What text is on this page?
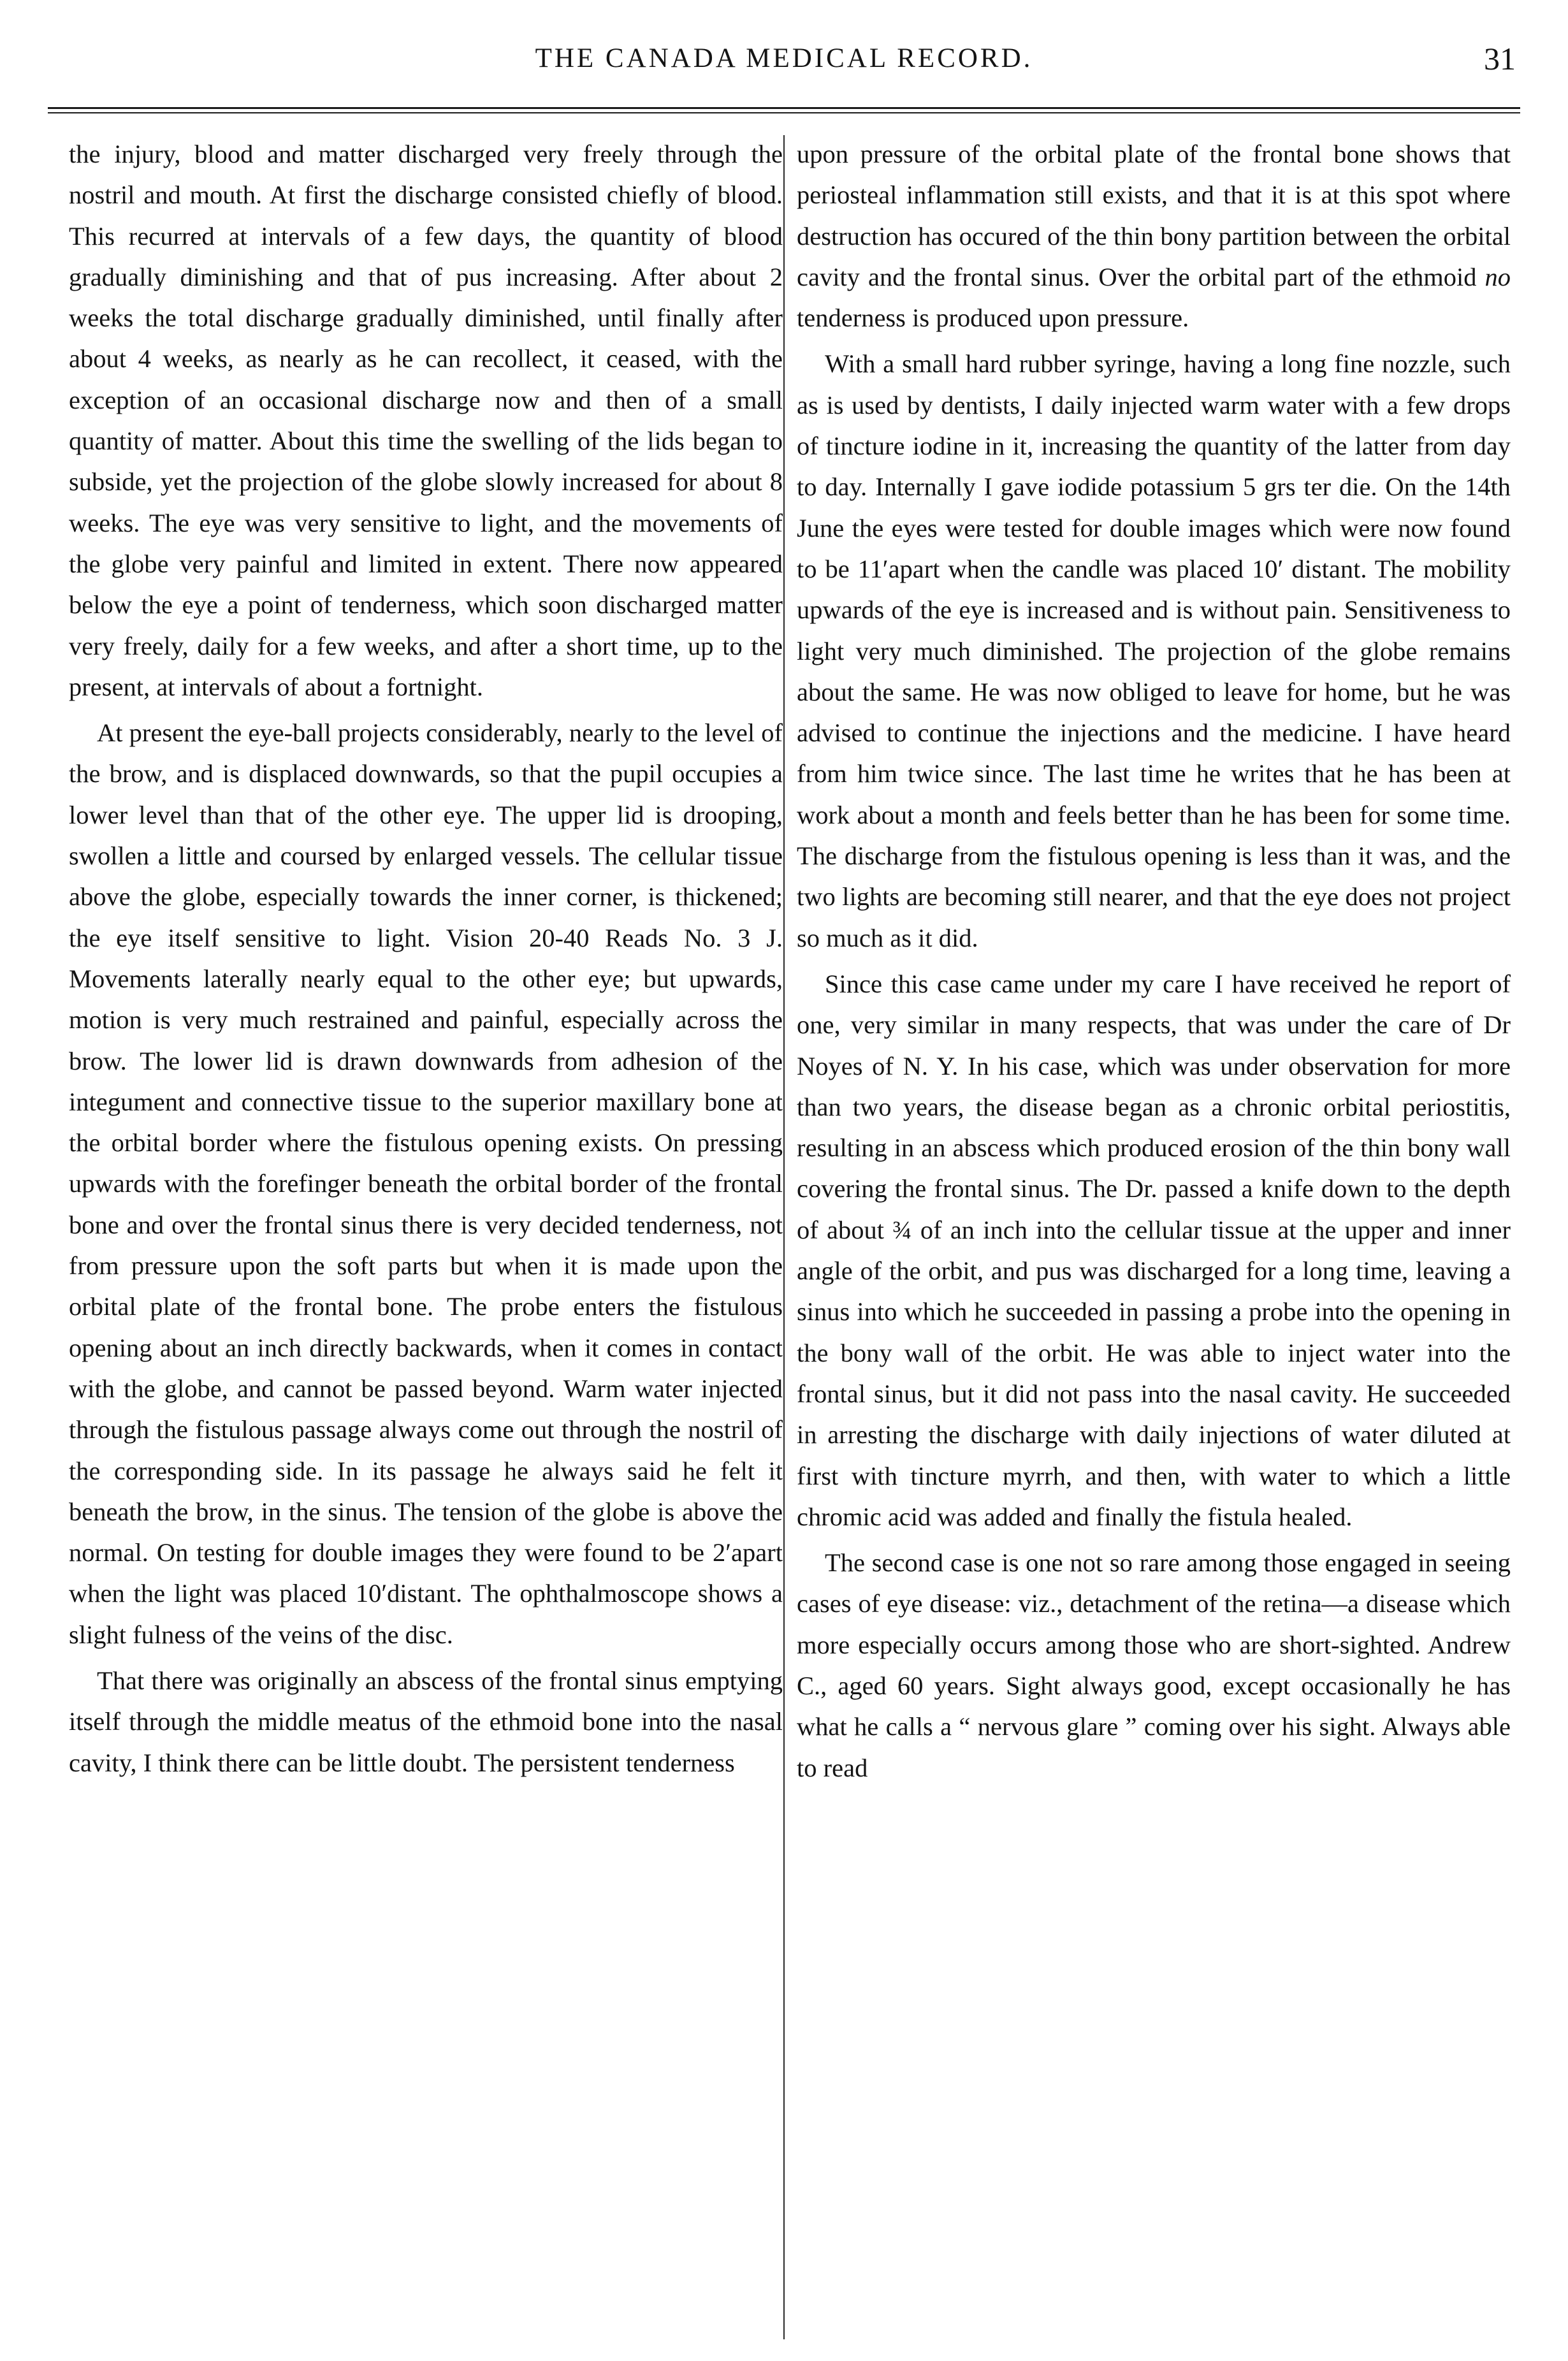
THE CANADA MEDICAL RECORD.	31

the injury, blood and matter discharged very freely through the nostril and mouth. At first the discharge consisted chiefly of blood. This recurred at intervals of a few days, the quantity of blood gradually diminishing and that of pus increasing. After about 2 weeks the total discharge gradually diminished, until finally after about 4 weeks, as nearly as he can recollect, it ceased, with the exception of an occasional discharge now and then of a small quantity of matter. About this time the swelling of the lids began to subside, yet the projection of the globe slowly increased for about 8 weeks. The eye was very sensitive to light, and the movements of the globe very painful and limited in extent. There now appeared below the eye a point of tenderness, which soon discharged matter very freely, daily for a few weeks, and after a short time, up to the present, at intervals of about a fortnight.

At present the eye-ball projects considerably, nearly to the level of the brow, and is displaced downwards, so that the pupil occupies a lower level than that of the other eye. The upper lid is drooping, swollen a little and coursed by enlarged vessels. The cellular tissue above the globe, especially towards the inner corner, is thickened; the eye itself sensitive to light. Vision 20-40 Reads No. 3 J. Movements laterally nearly equal to the other eye; but upwards, motion is very much restrained and painful, especially across the brow. The lower lid is drawn downwards from adhesion of the integument and connective tissue to the superior maxillary bone at the orbital border where the fistulous opening exists. On pressing upwards with the forefinger beneath the orbital border of the frontal bone and over the frontal sinus there is very decided tenderness, not from pressure upon the soft parts but when it is made upon the orbital plate of the frontal bone. The probe enters the fistulous opening about an inch directly backwards, when it comes in contact with the globe, and cannot be passed beyond. Warm water injected through the fistulous passage always come out through the nostril of the corresponding side. In its passage he always said he felt it beneath the brow, in the sinus. The tension of the globe is above the normal. On testing for double images they were found to be 2′apart when the light was placed 10′distant. The ophthalmoscope shows a slight fulness of the veins of the disc.

That there was originally an abscess of the frontal sinus emptying itself through the middle meatus of the ethmoid bone into the nasal cavity, I think there can be little doubt. The persistent tenderness

upon pressure of the orbital plate of the frontal bone shows that periosteal inflammation still exists, and that it is at this spot where destruction has occured of the thin bony partition between the orbital cavity and the frontal sinus. Over the orbital part of the ethmoid no tenderness is produced upon pressure.

With a small hard rubber syringe, having a long fine nozzle, such as is used by dentists, I daily injected warm water with a few drops of tincture iodine in it, increasing the quantity of the latter from day to day. Internally I gave iodide potassium 5 grs ter die. On the 14th June the eyes were tested for double images which were now found to be 11′apart when the candle was placed 10′ distant. The mobility upwards of the eye is increased and is without pain. Sensitiveness to light very much diminished. The projection of the globe remains about the same. He was now obliged to leave for home, but he was advised to continue the injections and the medicine. I have heard from him twice since. The last time he writes that he has been at work about a month and feels better than he has been for some time. The discharge from the fistulous opening is less than it was, and the two lights are becoming still nearer, and that the eye does not project so much as it did.

Since this case came under my care I have received he report of one, very similar in many respects, that was under the care of Dr Noyes of N. Y. In his case, which was under observation for more than two years, the disease began as a chronic orbital periostitis, resulting in an abscess which produced erosion of the thin bony wall covering the frontal sinus. The Dr. passed a knife down to the depth of about ¾ of an inch into the cellular tissue at the upper and inner angle of the orbit, and pus was discharged for a long time, leaving a sinus into which he succeeded in passing a probe into the opening in the bony wall of the orbit. He was able to inject water into the frontal sinus, but it did not pass into the nasal cavity. He succeeded in arresting the discharge with daily injections of water diluted at first with tincture myrrh, and then, with water to which a little chromic acid was added and finally the fistula healed.

The second case is one not so rare among those engaged in seeing cases of eye disease: viz., detachment of the retina—a disease which more especially occurs among those who are short-sighted. Andrew C., aged 60 years. Sight always good, except occasionally he has what he calls a “ nervous glare ” coming over his sight. Always able to read
